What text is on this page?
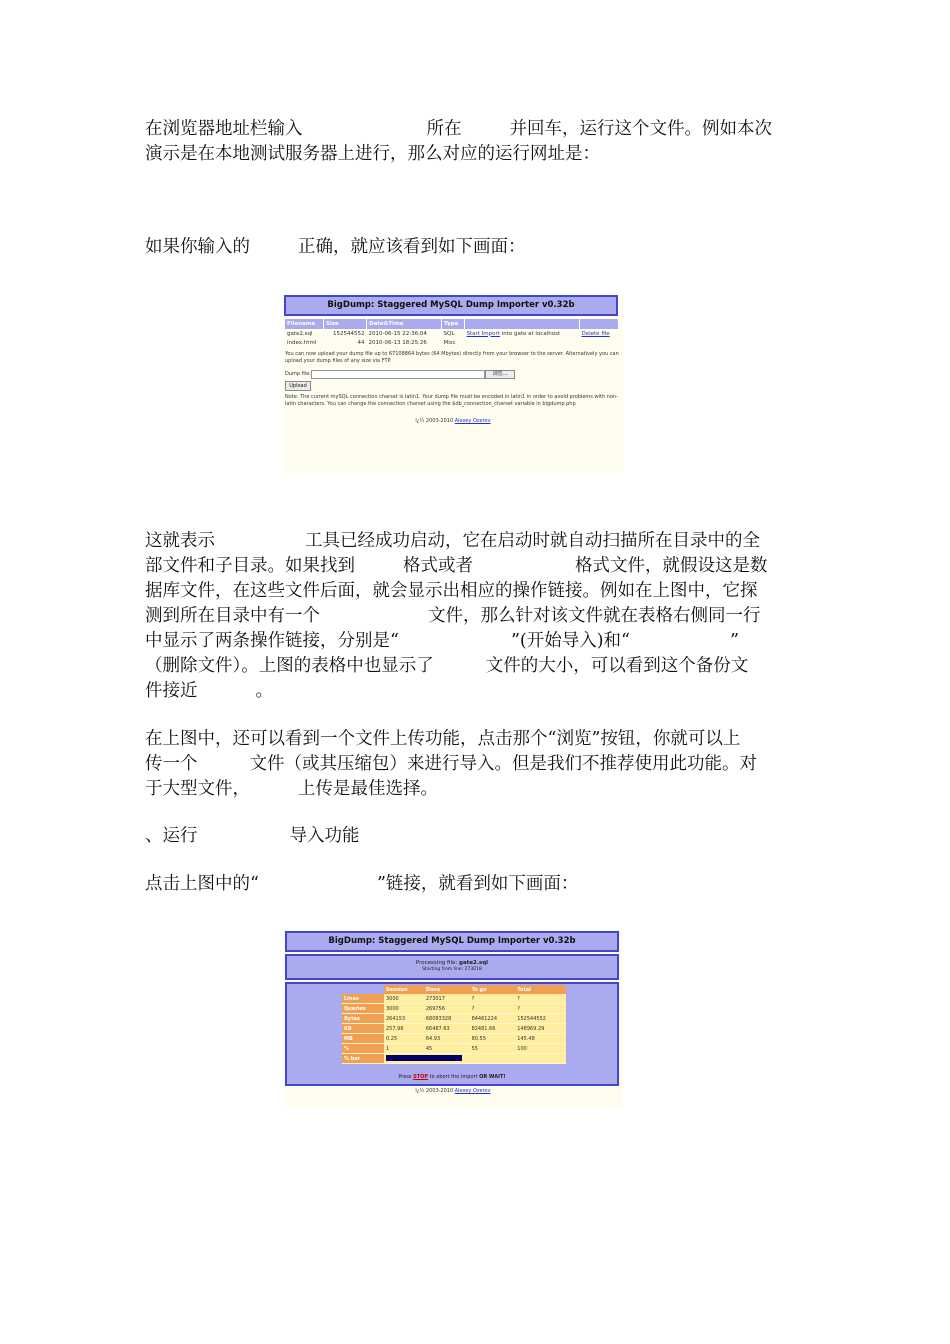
在浏览器地址栏输入	所在	并回车，运行这个文件。例如本次
演示是在本地测试服务器上进行，那么对应的运行网址是：
如果你输入的	正确，就应该看到如下画面：
BigDump: Staggered MySQL Dump Importer v0.32b
Filename	Size	Date&Time	Type		
gate2.sql	152544552	2010-06-15 22:36:04	SQL	Start Import into gate at localhost	Delete file
index.html	44	2010-06-13 18:25:26	Misc		
You can now upload your dump file up to 67108864 bytes (64 Mbytes) directly from your browser to the server. Alternatively you can upload your dump files of any size via FTP.
Dump file:	浏览...
Upload
Note: The current mySQL connection charset is latin1. Your dump file must be encoded in latin1 in order to avoid problems with non-latin characters. You can change the connection charset using the $db_connection_charset variable in bigdump.php
ï¿½ 2003-2010 Alexey Ozerov
这就表示	工具已经成功启动，它在启动时就自动扫描所在目录中的全
部文件和子目录。如果找到	格式或者	格式文件，就假设这是数
据库文件，在这些文件后面，就会显示出相应的操作链接。例如在上图中，它探
测到所在目录中有一个	文件，那么针对该文件就在表格右侧同一行
中显示了两条操作链接，分别是“	”(开始导入)和“	”
（删除文件）。上图的表格中也显示了	文件的大小，可以看到这个备份文
件接近	。
在上图中，还可以看到一个文件上传功能，点击那个“浏览”按钮，你就可以上
传一个	文件（或其压缩包）来进行导入。但是我们不推荐使用此功能。对
于大型文件，	上传是最佳选择。
、运行	导入功能
点击上图中的“	”链接，就看到如下画面：
BigDump: Staggered MySQL Dump Importer v0.32b
Processing file: gate2.sql
Starting from line: 273018
	Session	Done	To go	Total
Lines	3000	273017	?	?
Queries	3000	269756	?	?
Bytes	264153	68083328	84461224	152544552
KB	257.96	66487.63	82481.66	148969.29
MB	0.25	64.93	80.55	145.48
%	1	45	55	100
% bar				
Press STOP to abort the import OR WAIT!
ï¿½ 2003-2010 Alexey Ozerov
